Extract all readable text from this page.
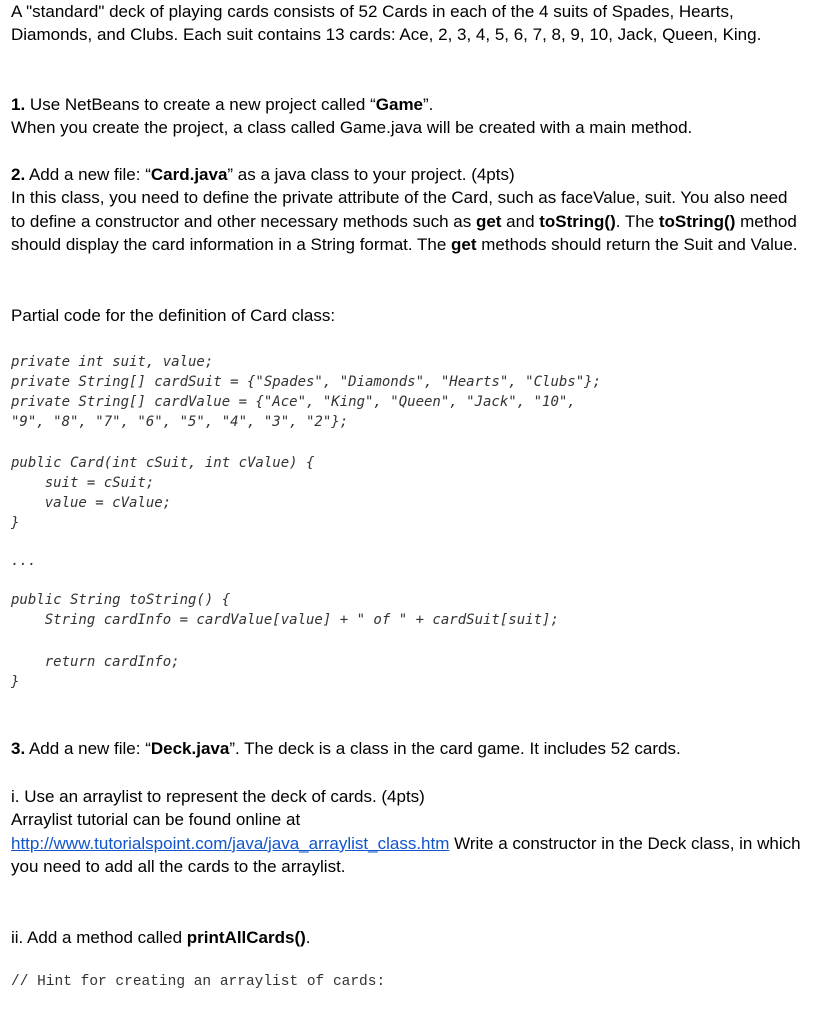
A "standard" deck of playing cards consists of 52 Cards in each of the 4 suits of Spades, Hearts, Diamonds, and Clubs. Each suit contains 13 cards: Ace, 2, 3, 4, 5, 6, 7, 8, 9, 10, Jack, Queen, King.

1. Use NetBeans to create a new project called “Game”.
When you create the project, a class called Game.java will be created with a main method.

2. Add a new file: “Card.java” as a java class to your project. (4pts)
In this class, you need to define the private attribute of the Card, such as faceValue, suit. You also need to define a constructor and other necessary methods such as get and toString(). The toString() method should display the card information in a String format. The get methods should return the Suit and Value.

Partial code for the definition of Card class:

private int suit, value;
private String[] cardSuit = {"Spades", "Diamonds", "Hearts", "Clubs"};
private String[] cardValue = {"Ace", "King", "Queen", "Jack", "10",
"9", "8", "7", "6", "5", "4", "3", "2"};
public Card(int cSuit, int cValue) {
suit = cSuit;
value = cValue;
}
...
public String toString() {
String cardInfo = cardValue[value] + " of " + cardSuit[suit];
return cardInfo;
}

3. Add a new file: “Deck.java”. The deck is a class in the card game. It includes 52 cards.

i. Use an arraylist to represent the deck of cards. (4pts)
Arraylist tutorial can be found online at
http://www.tutorialspoint.com/java/java_arraylist_class.htm Write a constructor in the Deck class, in which you need to add all the cards to the arraylist.

ii. Add a method called printAllCards().

// Hint for creating an arraylist of cards:
